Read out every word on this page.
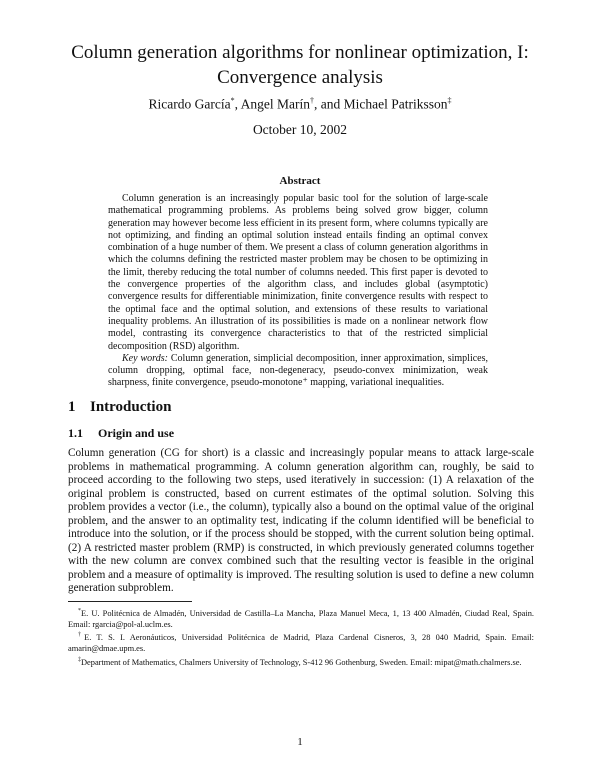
Column generation algorithms for nonlinear optimization, I:
Convergence analysis
Ricardo García*, Angel Marín†, and Michael Patriksson‡
October 10, 2002
Abstract

Column generation is an increasingly popular basic tool for the solution of large-scale mathematical programming problems. As problems being solved grow bigger, column generation may however become less efficient in its present form, where columns typically are not optimizing, and finding an optimal solution instead entails finding an optimal convex combination of a huge number of them. We present a class of column generation algorithms in which the columns defining the restricted master problem may be chosen to be optimizing in the limit, thereby reducing the total number of columns needed. This first paper is devoted to the convergence properties of the algorithm class, and includes global (asymptotic) convergence results for differentiable minimization, finite convergence results with respect to the optimal face and the optimal solution, and extensions of these results to variational inequality problems. An illustration of its possibilities is made on a nonlinear network flow model, contrasting its convergence characteristics to that of the restricted simplicial decomposition (RSD) algorithm.

Key words: Column generation, simplicial decomposition, inner approximation, simplices, column dropping, optimal face, non-degeneracy, pseudo-convex minimization, weak sharpness, finite convergence, pseudo-monotone⁺ mapping, variational inequalities.

1 Introduction
1.1 Origin and use

Column generation (CG for short) is a classic and increasingly popular means to attack large-scale problems in mathematical programming. A column generation algorithm can, roughly, be said to proceed according to the following two steps, used iteratively in succession: (1) A relaxation of the original problem is constructed, based on current estimates of the optimal solution. Solving this problem provides a vector (i.e., the column), typically also a bound on the optimal value of the original problem, and the answer to an optimality test, indicating if the column identified will be beneficial to introduce into the solution, or if the process should be stopped, with the current solution being optimal. (2) A restricted master problem (RMP) is constructed, in which previously generated columns together with the new column are convex combined such that the resulting vector is feasible in the original problem and a measure of optimality is improved. The resulting solution is used to define a new column generation subproblem.

*E. U. Politécnica de Almadén, Universidad de Castilla–La Mancha, Plaza Manuel Meca, 1, 13 400 Almadén, Ciudad Real, Spain. Email: rgarcia@pol-al.uclm.es.

†E. T. S. I. Aeronáuticos, Universidad Politécnica de Madrid, Plaza Cardenal Cisneros, 3, 28 040 Madrid, Spain. Email: amarin@dmae.upm.es.

‡Department of Mathematics, Chalmers University of Technology, S-412 96 Gothenburg, Sweden. Email: mipat@math.chalmers.se.

1
